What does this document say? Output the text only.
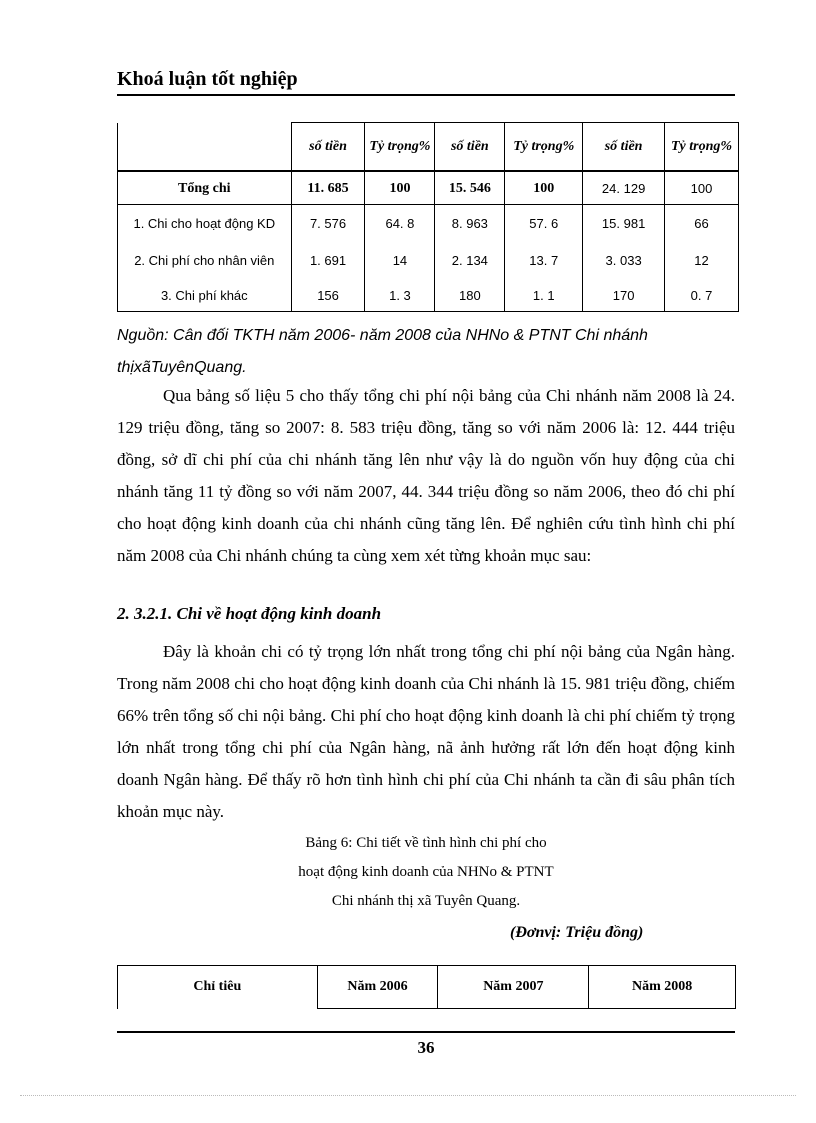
Khoá luận tốt nghiệp
	số tiền	Tỷ trọng%	số tiền	Tỷ trọng%	số tiền	Tỷ trọng%
Tổng chi	11. 685	100	15. 546	100	24. 129	100
1. Chi cho hoạt động KD	7. 576	64. 8	8. 963	57. 6	15. 981	66
2. Chi phí cho nhân viên	1. 691	14	2. 134	13. 7	3. 033	12
3. Chi phí khác	156	1. 3	180	1. 1	170	0. 7
Nguồn: Cân đối TKTH năm 2006- năm 2008 của NHNo & PTNT Chi nhánh thịxãTuyênQuang.
Qua bảng số liệu 5 cho thấy tổng chi phí nội bảng của Chi nhánh năm 2008 là 24. 129 triệu đồng, tăng so 2007: 8. 583 triệu đồng, tăng so với năm 2006 là: 12. 444 triệu đồng, sở dĩ chi phí của chi nhánh tăng lên như vậy là do nguồn vốn huy động của chi nhánh tăng 11 tỷ đồng so với năm 2007, 44. 344 triệu đồng so năm 2006, theo đó chi phí cho hoạt động kinh doanh của chi nhánh cũng tăng lên. Để nghiên cứu tình hình chi phí năm 2008 của Chi nhánh chúng ta cùng xem xét từng khoản mục sau:
2. 3.2.1. Chi về hoạt động kinh doanh
Đây là khoản chi có tỷ trọng lớn nhất trong tổng chi phí nội bảng của Ngân hàng. Trong năm 2008 chi cho hoạt động kinh doanh của Chi nhánh là 15. 981 triệu đồng, chiếm 66% trên tổng số chi nội bảng. Chi phí cho hoạt động kinh doanh là chi phí chiếm tỷ trọng lớn nhất trong tổng chi phí của Ngân hàng, nã ảnh hưởng rất lớn đến hoạt động kinh doanh Ngân hàng. Để thấy rõ hơn tình hình chi phí của Chi nhánh ta cần đi sâu phân tích khoản mục này.
Bảng 6: Chi tiết về tình hình chi phí cho
hoạt động kinh doanh của NHNo & PTNT
Chi nhánh thị xã Tuyên Quang.
(Đơnvị: Triệu đồng)
Chỉ tiêu	Năm 2006	Năm 2007	Năm 2008
36
